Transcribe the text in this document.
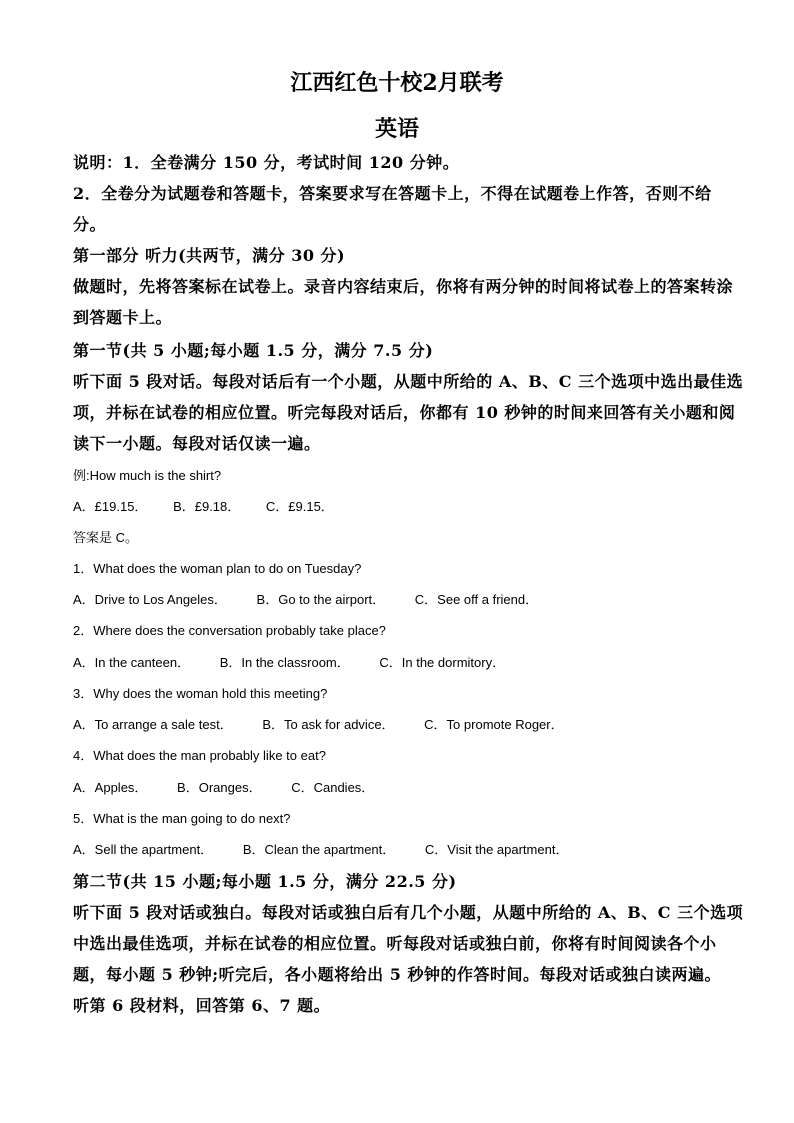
江西红色十校2月联考
英语
说明：1．全卷满分 150 分，考试时间 120 分钟。
2．全卷分为试题卷和答题卡，答案要求写在答题卡上，不得在试题卷上作答，否则不给
分。
第一部分 听力(共两节，满分 30 分)
做题时，先将答案标在试卷上。录音内容结束后，你将有两分钟的时间将试卷上的答案转涂
到答题卡上。
第一节(共 5 小题;每小题 1.5 分，满分 7.5 分)
听下面 5 段对话。每段对话后有一个小题，从题中所给的 A、B、C 三个选项中选出最佳选
项，并标在试卷的相应位置。听完每段对话后，你都有 10 秒钟的时间来回答有关小题和阅
读下一小题。每段对话仅读一遍。
例:How much is the shirt?
A．£19.15． B．£9.18． C．£9.15．
答案是 C。
1．What does the woman plan to do on Tuesday?
A．Drive to Los Angeles． B．Go to the airport． C．See off a friend．
2．Where does the conversation probably take place?
A．In the canteen． B．In the classroom． C．In the dormitory．
3．Why does the woman hold this meeting?
A．To arrange a sale test． B．To ask for advice． C．To promote Roger．
4．What does the man probably like to eat?
A．Apples． B．Oranges． C．Candies．
5．What is the man going to do next?
A．Sell the apartment． B．Clean the apartment． C．Visit the apartment．
第二节(共 15 小题;每小题 1.5 分，满分 22.5 分)
听下面 5 段对话或独白。每段对话或独白后有几个小题，从题中所给的 A、B、C 三个选项
中选出最佳选项，并标在试卷的相应位置。听每段对话或独白前，你将有时间阅读各个小
题，每小题 5 秒钟;听完后，各小题将给出 5 秒钟的作答时间。每段对话或独白读两遍。
听第 6 段材料，回答第 6、7 题。
